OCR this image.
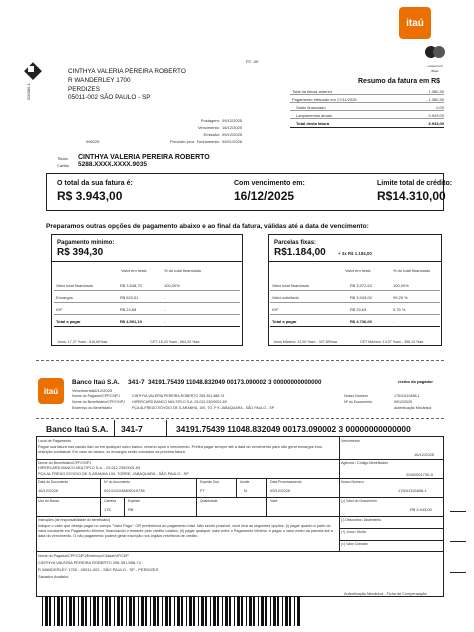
itaú
PC -0E
000386-1
CINTHYA VALERIA PEREIRA ROBERTO
R WANDERLEY 1700
PERDIZES
05011-002 SÃO PAULO - SP
mastercard
Black
Resumo da fatura em R$
Total da fatura anterior	1.380,30
Pagamento efetuado em 17/11/2025	- 1.380,30
Saldo financiado	0,00
Lançamentos atuais	3.943,00
Total desta fatura	3.943,00
Postagem: 09/12/2025
Vencimento: 16/12/2025
Emissão: 09/12/2025
Previsão prox. Fechamento: 09/01/2026
096225
Titular CINTHYA VALERIA PEREIRA ROBERTO
Cartão 5288.XXXX.XXXX.9035
O total da sua fatura é:
R$ 3.943,00
Com vencimento em:
16/12/2025
Limite total de crédito:
R$14.310,00
Preparamos outras opções de pagamento abaixo e ao final da fatura, válidas até a data de vencimento:
Pagamento mínimo:
R$ 394,30
Valor em reais	% do total financiado
Valor total financiado	R$ 3.548,70	100,00%
Encargos	R$ 623,51	-
IOF	R$ 24,68	-
Total a pagar	R$ 4.591,19	-
Juros: 17,37 %am - 616,60%aa	CET: 18,20 %am - 664,42 %aa
Parcelas fixas:
R$1.184,00	+ 3x R$ 1.184,00
Valor em reais	% do total financiado
Valor total financiado	R$ 3.972,63	100,00%
Valor solicitado	R$ 3.943,00	99,25 %
IOF	R$ 29,63	0,75 %
Total a pagar	R$ 4.736,00	-
Juros Máximo: 12,90 %am - 327,89%aa	CET Máximo: 14,07 %am - 396,12 %aa
itaú
Banco Itaú S.A. 341-7 34191.75439 11048.832049 00173.090002 3 00000000000000	recibo do pagador
Vencimento 16/12/2025
Nome do Pagador/CPF/CNPJ	CINTHYA VALERIA PEREIRA ROBERTO 255.351.588-74	Nosso Número	175/41110488-1
Nome do Beneficiário/CPF/CNPJ HIPERCARD BANCO MÚLTIPLO S.A. 03.012.230/0001-69	Nº do Documento	09/12/2025
Endereço do Beneficiário	PÇA ALFREDO EGYDIO DE S.ARANHA, 100, TO. P K JABAQUARA - SÃO PAULO - SP	Autenticação Mecânica
Banco Itaú S.A. 341-7	34191.75439 11048.832049 00173.090002 3 00000000000000
Local de Pagamento
Pague sua fatura nas canais Itaú ou em qualquer outro banco, mesmo após o vencimento. Prefira pagar sempre até a data do vencimento para não gerar encargos e/ou restrição contratual. Em caso de atraso, os encargos serão cobrados na próxima fatura.
Vencimento
16/12/2025
Nome do Beneficiário/CPF/CNPJ
HIPERCARD BANCO MÚLTIPLO S.A. - 03.012.230/0001-69
PÇA AL FREDO EGYDIO DE S.ARANHA 100, TORRE, JABAQUARA - SÃO PAULO - SP
Agência / Código Beneficiário
2040/001730-9
Data do Documento
16/12/2025
Nº do documento
00141110488/0019738
Espécie Doc.
FT
Aceite
N
Data Processamento
09/12/2025
Nosso Número
175/41110488-1
Uso do Banco	Carteira
175
Espécie
R$
Quantidade	Valor	(=) Valor do Documento
R$ 3.943,00
Instruções (de responsabilidade do beneficiário)
Indique o valor que deseja pagar no campo "Valor Pago". OR preferência ao pagamento total. Não sendo possível, você terá as seguintes opções: (i) pagar quanto a partir do valor constante em Pagamento Mínimo, financiando o restante pelo crédito rotativo; (ii) pagar qualquer valor entre o Pagamento Mínimo, e pagar o valor exato da parcela até a data do vencimento. O não pagamento poderá gerar inscrição nos órgãos restritivos de crédito.
(-) Descontos / Abatimento
(+) Juros / Multa
(=) Valor Cobrado
Nome do Pagador/CPF/CNPJ/Endereço/Cidade/UF/CEP
CINTHYA VALERIA PEREIRA ROBERTO 255.351.588-74
R WANDERLEY 1700 - 05011-002 - SÃO PAULO - SP - PERDIZES
Sacador Avalista:
Autenticação Mecânica - Ficha de Compensação
